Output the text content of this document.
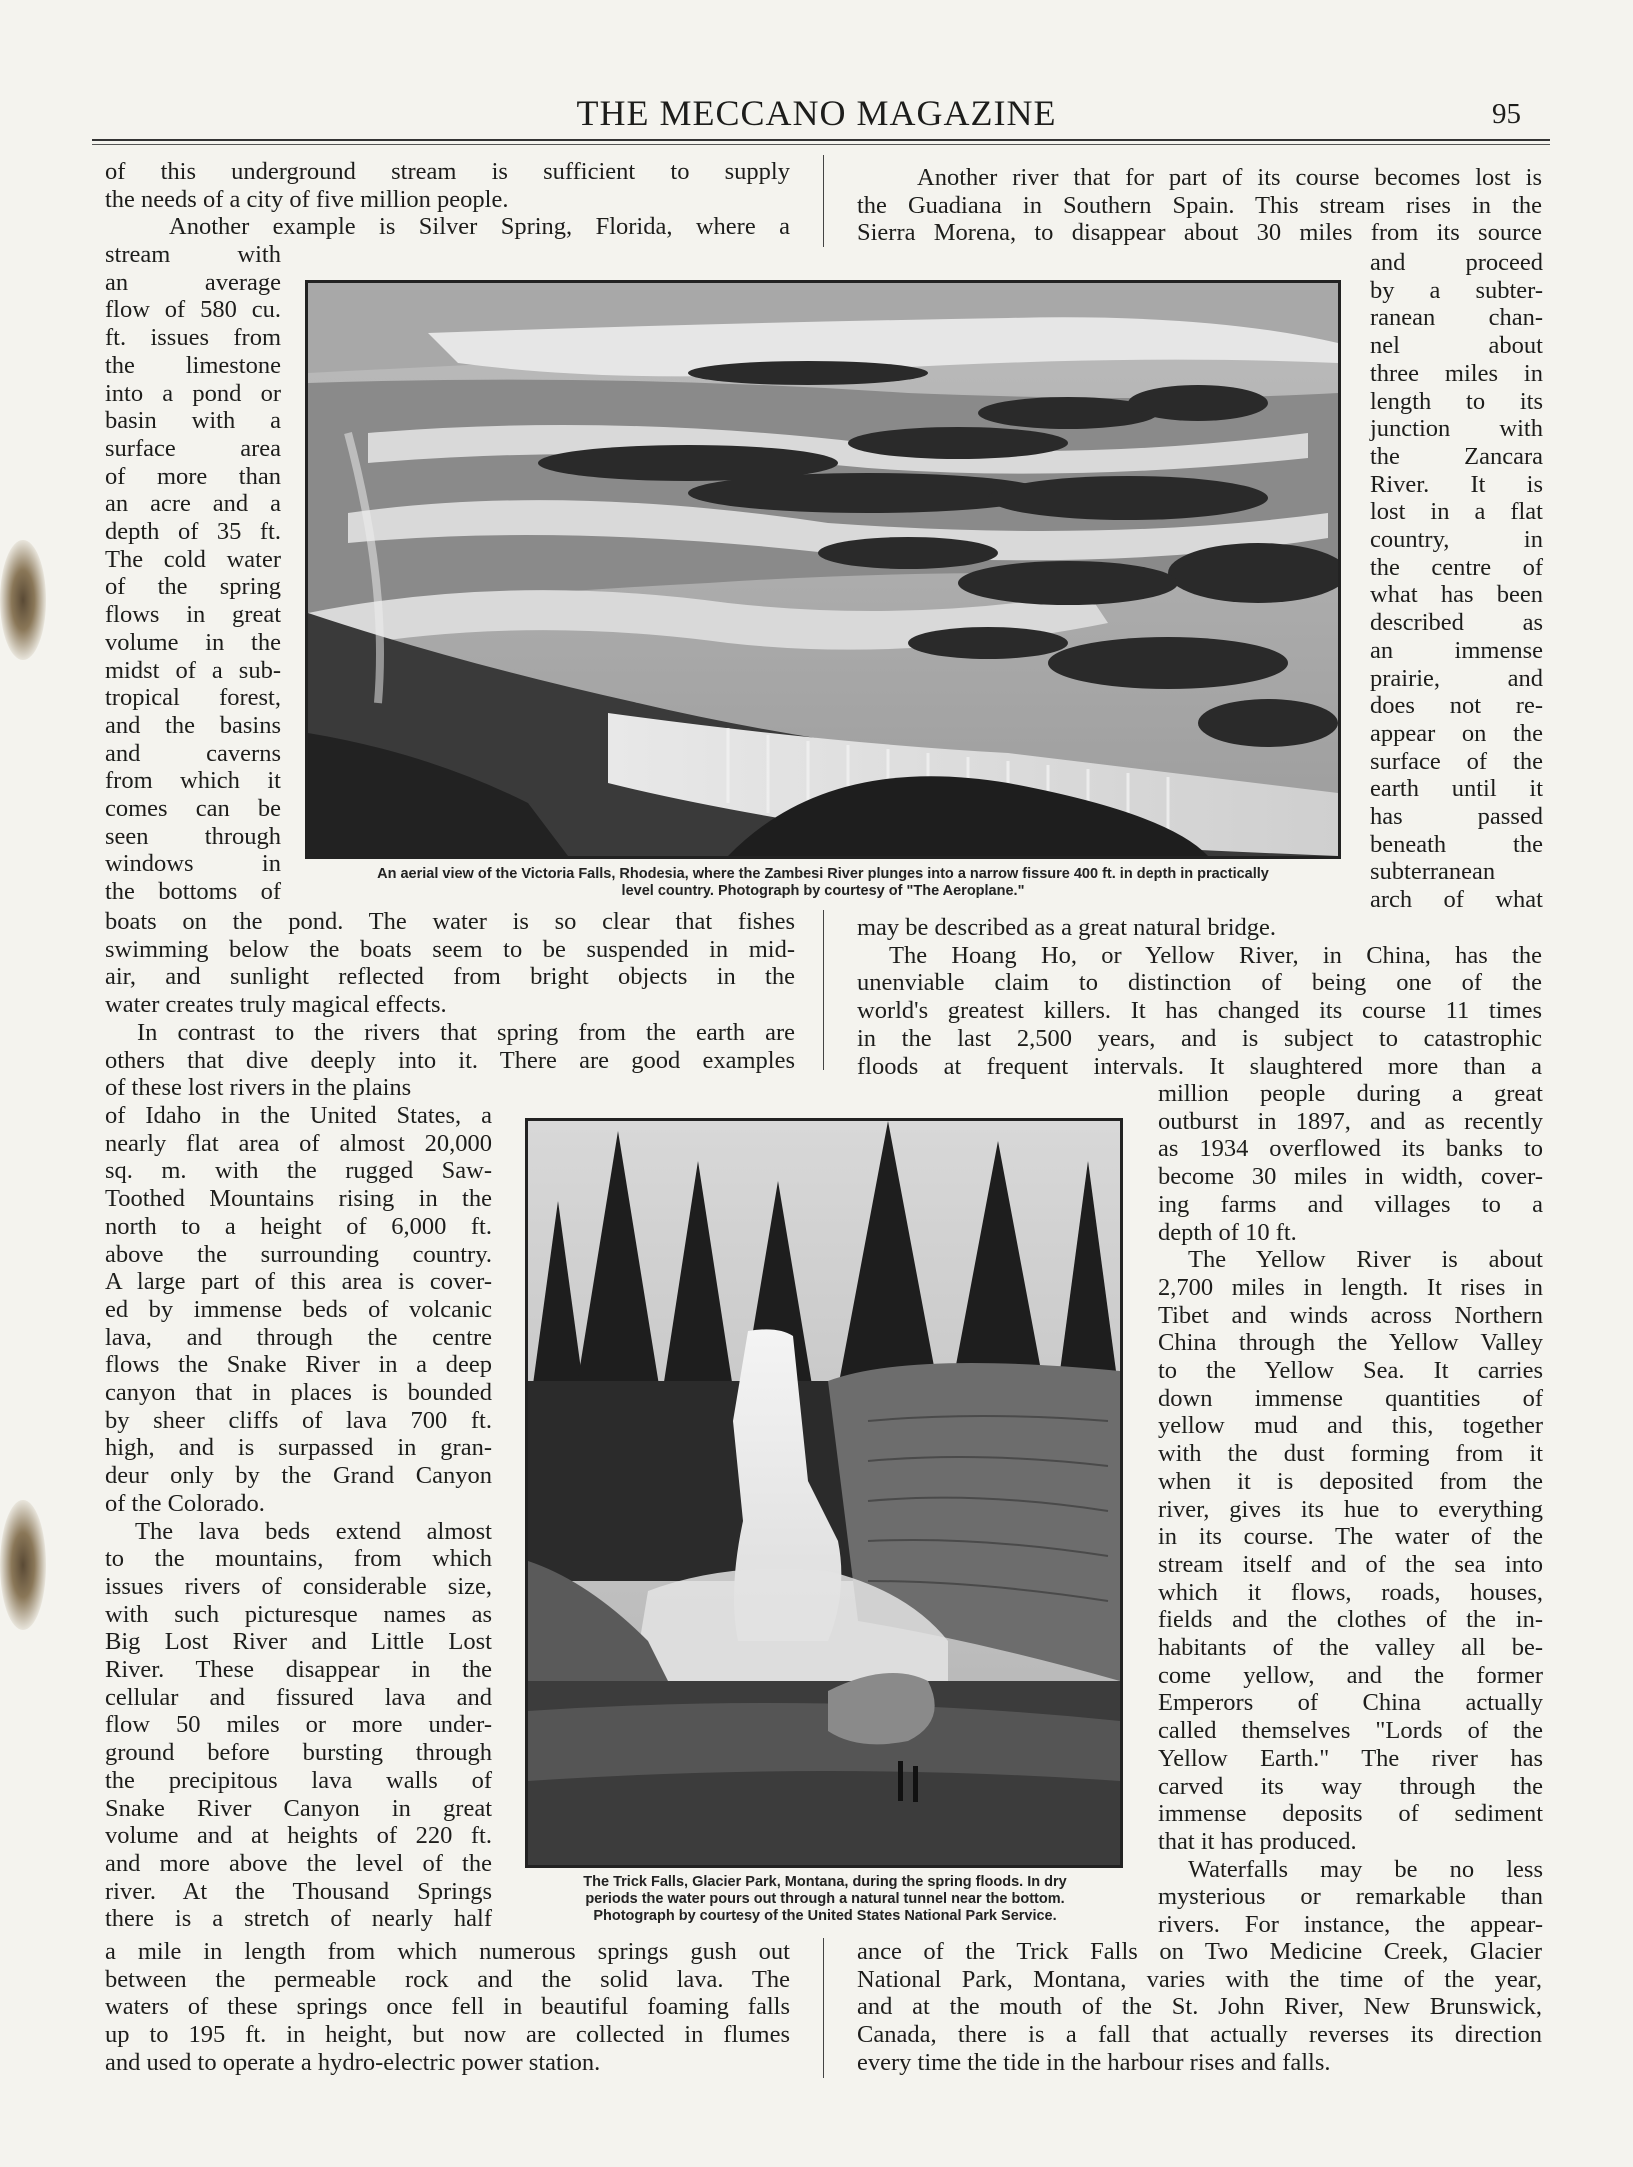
THE MECCANO MAGAZINE	95
of this underground stream is sufficient to supply
the needs of a city of five million people.
Another example is Silver Spring, Florida, where a
stream with
an average
flow of 580 cu.
ft. issues from
the limestone
into a pond or
basin with a
surface area
of more than
an acre and a
depth of 35 ft.
The cold water
of the spring
flows in great
volume in the
midst of a sub-
tropical forest,
and the basins
and caverns
from which it
comes can be
seen through
windows in
the bottoms of
An aerial view of the Victoria Falls, Rhodesia, where the Zambesi River plunges into a narrow fissure 400 ft. in depth in practically
level country. Photograph by courtesy of "The Aeroplane."
Another river that for part of its course becomes lost is
the Guadiana in Southern Spain. This stream rises in the
Sierra Morena, to disappear about 30 miles from its source
and proceed
by a subter-
ranean chan-
nel about
three miles in
length to its
junction with
the Zancara
River. It is
lost in a flat
country, in
the centre of
what has been
described as
an immense
prairie, and
does not re-
appear on the
surface of the
earth until it
has passed
beneath the
subterranean
arch of what
boats on the pond. The water is so clear that fishes
swimming below the boats seem to be suspended in mid-
air, and sunlight reflected from bright objects in the
water creates truly magical effects.
In contrast to the rivers that spring from the earth are
others that dive deeply into it. There are good examples
of these lost rivers in the plains
may be described as a great natural bridge.
The Hoang Ho, or Yellow River, in China, has the
unenviable claim to distinction of being one of the
world's greatest killers. It has changed its course 11 times
in the last 2,500 years, and is subject to catastrophic
floods at frequent intervals. It slaughtered more than a
of Idaho in the United States, a
nearly flat area of almost 20,000
sq. m. with the rugged Saw-
Toothed Mountains rising in the
north to a height of 6,000 ft.
above the surrounding country.
A large part of this area is cover-
ed by immense beds of volcanic
lava, and through the centre
flows the Snake River in a deep
canyon that in places is bounded
by sheer cliffs of lava 700 ft.
high, and is surpassed in gran-
deur only by the Grand Canyon
of the Colorado.
The lava beds extend almost
to the mountains, from which
issues rivers of considerable size,
with such picturesque names as
Big Lost River and Little Lost
River. These disappear in the
cellular and fissured lava and
flow 50 miles or more under-
ground before bursting through
the precipitous lava walls of
Snake River Canyon in great
volume and at heights of 220 ft.
and more above the level of the
river. At the Thousand Springs
there is a stretch of nearly half
The Trick Falls, Glacier Park, Montana, during the spring floods. In dry
periods the water pours out through a natural tunnel near the bottom.
Photograph by courtesy of the United States National Park Service.
million people during a great
outburst in 1897, and as recently
as 1934 overflowed its banks to
become 30 miles in width, cover-
ing farms and villages to a
depth of 10 ft.
The Yellow River is about
2,700 miles in length. It rises in
Tibet and winds across Northern
China through the Yellow Valley
to the Yellow Sea. It carries
down immense quantities of
yellow mud and this, together
with the dust forming from it
when it is deposited from the
river, gives its hue to everything
in its course. The water of the
stream itself and of the sea into
which it flows, roads, houses,
fields and the clothes of the in-
habitants of the valley all be-
come yellow, and the former
Emperors of China actually
called themselves "Lords of the
Yellow Earth." The river has
carved its way through the
immense deposits of sediment
that it has produced.
Waterfalls may be no less
mysterious or remarkable than
rivers. For instance, the appear-
a mile in length from which numerous springs gush out
between the permeable rock and the solid lava. The
waters of these springs once fell in beautiful foaming falls
up to 195 ft. in height, but now are collected in flumes
and used to operate a hydro-electric power station.
ance of the Trick Falls on Two Medicine Creek, Glacier
National Park, Montana, varies with the time of the year,
and at the mouth of the St. John River, New Brunswick,
Canada, there is a fall that actually reverses its direction
every time the tide in the harbour rises and falls.
